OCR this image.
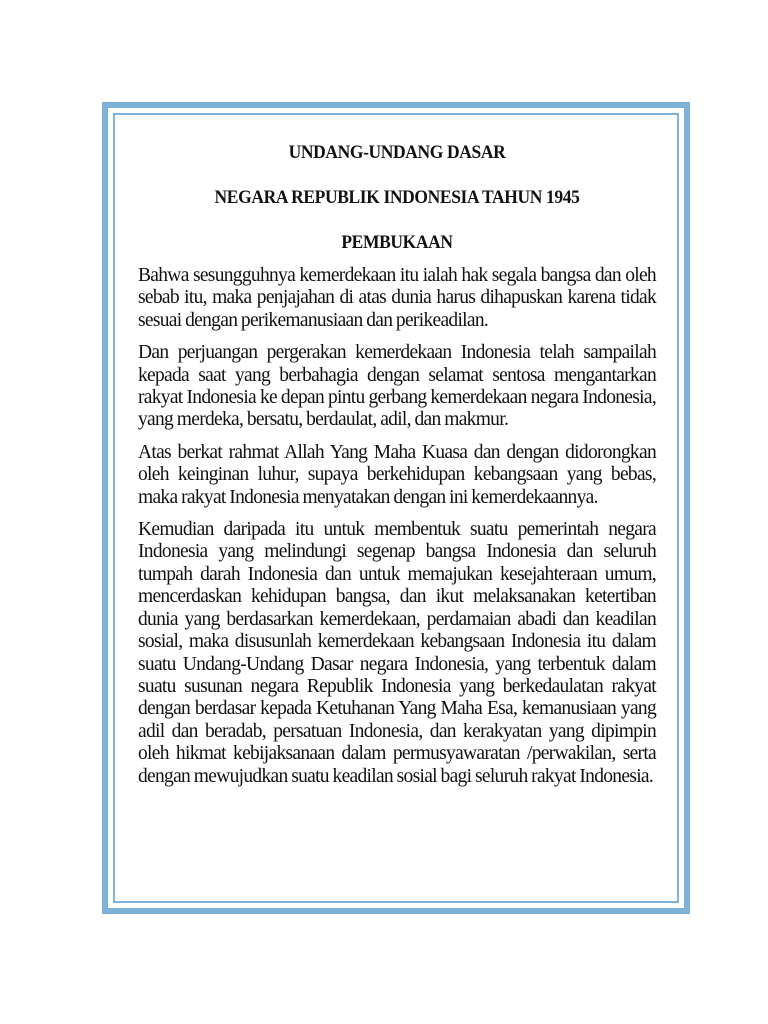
UNDANG-UNDANG DASAR
NEGARA REPUBLIK INDONESIA TAHUN 1945
PEMBUKAAN

Bahwa sesungguhnya kemerdekaan itu ialah hak segala bangsa dan oleh sebab itu, maka penjajahan di atas dunia harus dihapuskan karena tidak sesuai dengan perikemanusiaan dan perikeadilan.

Dan perjuangan pergerakan kemerdekaan Indonesia telah sampailah kepada saat yang berbahagia dengan selamat sentosa mengantarkan rakyat Indonesia ke depan pintu gerbang kemerdekaan negara Indonesia, yang merdeka, bersatu, berdaulat, adil, dan makmur.

Atas berkat rahmat Allah Yang Maha Kuasa dan dengan didorongkan oleh keinginan luhur, supaya berkehidupan kebangsaan yang bebas, maka rakyat Indonesia menyatakan dengan ini kemerdekaannya.

Kemudian daripada itu untuk membentuk suatu pemerintah negara Indonesia yang melindungi segenap bangsa Indonesia dan seluruh tumpah darah Indonesia dan untuk memajukan kesejahteraan umum, mencerdaskan kehidupan bangsa, dan ikut melaksanakan ketertiban dunia yang berdasarkan kemerdekaan, perdamaian abadi dan keadilan sosial, maka disusunlah kemerdekaan kebangsaan Indonesia itu dalam suatu Undang-Undang Dasar negara Indonesia, yang terbentuk dalam suatu susunan negara Republik Indonesia yang berkedaulatan rakyat dengan berdasar kepada Ketuhanan Yang Maha Esa, kemanusiaan yang adil dan beradab, persatuan Indonesia, dan kerakyatan yang dipimpin oleh hikmat kebijaksanaan dalam permusyawaratan /perwakilan, serta dengan mewujudkan suatu keadilan sosial bagi seluruh rakyat Indonesia.
